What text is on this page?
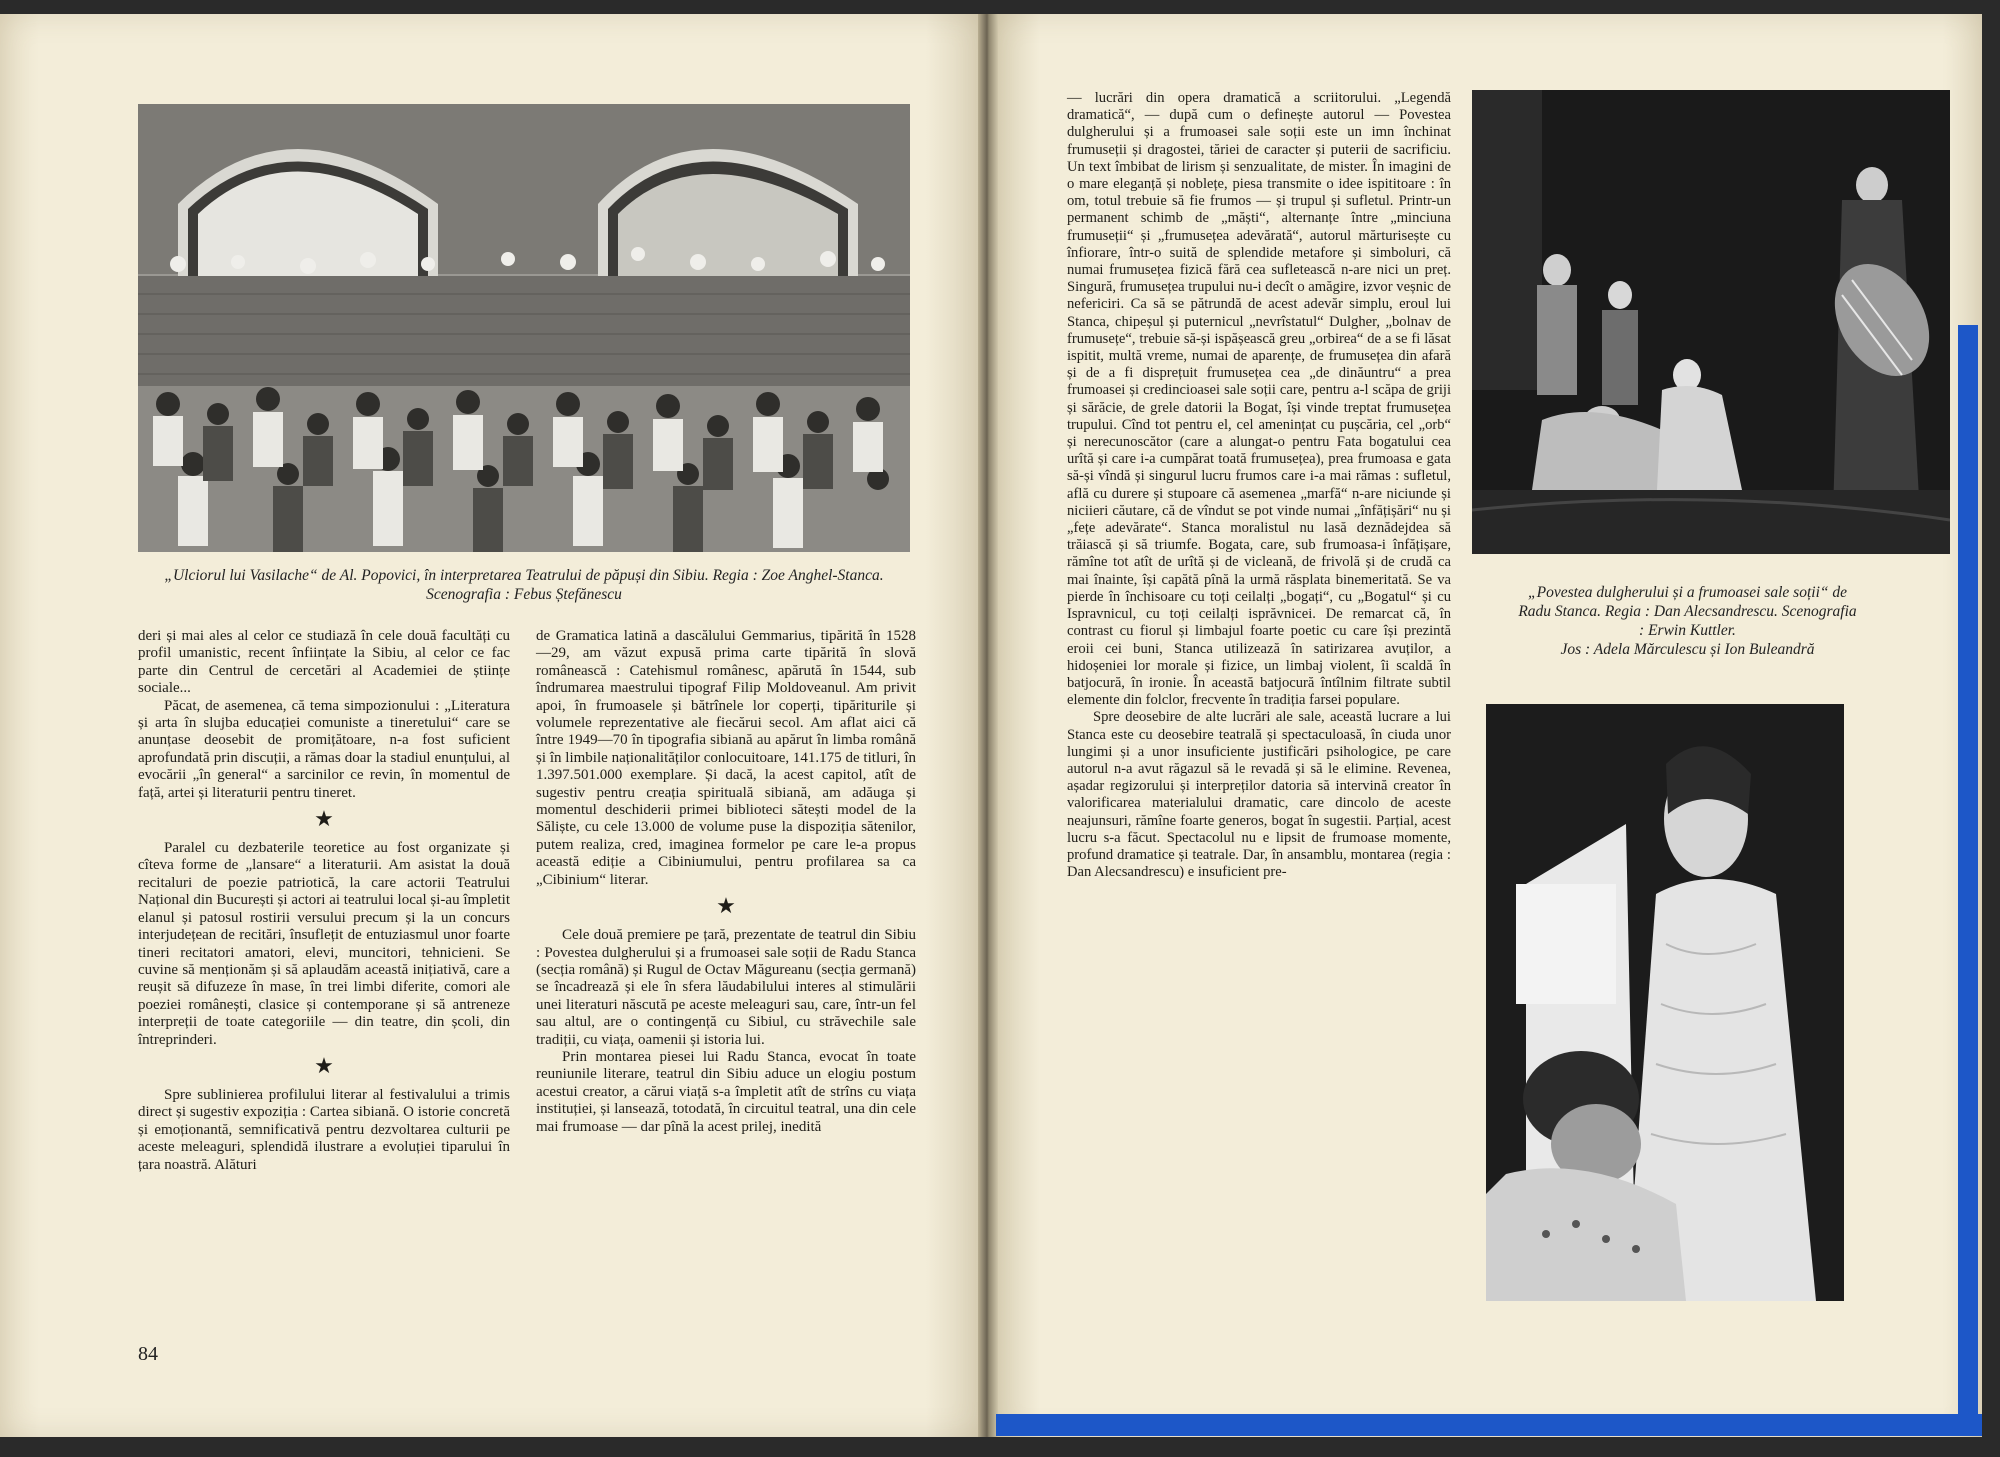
„Ulciorul lui Vasilache“ de Al. Popovici, în interpretarea Teatrului de păpuși din Sibiu. Regia : Zoe Anghel-Stanca. Scenografia : Febus Ștefănescu

deri și mai ales al celor ce studiază în cele două facultăți cu profil umanistic, recent înființate la Sibiu, al celor ce fac parte din Centrul de cercetări al Academiei de științe sociale...

Păcat, de asemenea, că tema simpozionului : „Literatura și arta în slujba educației comuniste a tineretului“ care se anunțase deosebit de promițătoare, n-a fost suficient aprofundată prin discuții, a rămas doar la stadiul enunțului, al evocării „în general“ a sarcinilor ce revin, în momentul de față, artei și literaturii pentru tineret.

★

Paralel cu dezbaterile teoretice au fost organizate și cîteva forme de „lansare“ a literaturii. Am asistat la două recitaluri de poezie patriotică, la care actorii Teatrului Național din București și actori ai teatrului local și-au împletit elanul și patosul rostirii versului precum și la un concurs interjudețean de recitări, însuflețit de entuziasmul unor foarte tineri recitatori amatori, elevi, muncitori, tehnicieni. Se cuvine să menționăm și să aplaudăm această inițiativă, care a reușit să difuzeze în mase, în trei limbi diferite, comori ale poeziei românești, clasice și contemporane și să antreneze interpreții de toate categoriile — din teatre, din școli, din întreprinderi.

★

Spre sublinierea profilului literar al festivalului a trimis direct și sugestiv expoziția : Cartea sibiană. O istorie concretă și emoționantă, semnificativă pentru dezvoltarea culturii pe aceste meleaguri, splendidă ilustrare a evoluției tiparului în țara noastră. Alături

de Gramatica latină a dascălului Gemmarius, tipărită în 1528—29, am văzut expusă prima carte tipărită în slovă românească : Catehismul românesc, apărută în 1544, sub îndrumarea maestrului tipograf Filip Moldoveanul. Am privit apoi, în frumoasele și bătrînele lor coperți, tipăriturile și volumele reprezentative ale fiecărui secol. Am aflat aici că între 1949—70 în tipografia sibiană au apărut în limba română și în limbile naționalităților conlocuitoare, 141.175 de titluri, în 1.397.501.000 exemplare. Și dacă, la acest capitol, atît de sugestiv pentru creația spirituală sibiană, am adăuga și momentul deschiderii primei biblioteci sătești model de la Săliște, cu cele 13.000 de volume puse la dispoziția sătenilor, putem realiza, cred, imaginea formelor pe care le-a propus această ediție a Cibiniumului, pentru profilarea sa ca „Cibinium“ literar.

★

Cele două premiere pe țară, prezentate de teatrul din Sibiu : Povestea dulgherului și a frumoasei sale soții de Radu Stanca (secția română) și Rugul de Octav Măgureanu (secția germană) se încadrează și ele în sfera lăudabilului interes al stimulării unei literaturi născută pe aceste meleaguri sau, care, într-un fel sau altul, are o contingență cu Sibiul, cu străvechile sale tradiții, cu viața, oamenii și istoria lui.

Prin montarea piesei lui Radu Stanca, evocat în toate reuniunile literare, teatrul din Sibiu aduce un elogiu postum acestui creator, a cărui viață s-a împletit atît de strîns cu viața instituției, și lansează, totodată, în circuitul teatral, una din cele mai frumoase — dar pînă la acest prilej, inedită

84

— lucrări din opera dramatică a scriitorului. „Legendă dramatică“, — după cum o definește autorul — Povestea dulgherului și a frumoasei sale soții este un imn închinat frumuseții și dragostei, tăriei de caracter și puterii de sacrificiu. Un text îmbibat de lirism și senzualitate, de mister. În imagini de o mare eleganță și noblețe, piesa transmite o idee ispititoare : în om, totul trebuie să fie frumos — și trupul și sufletul. Printr-un permanent schimb de „măști“, alternanțe între „minciuna frumuseții“ și „frumusețea adevărată“, autorul mărturisește cu înfiorare, într-o suită de splendide metafore și simboluri, că numai frumusețea fizică fără cea sufletească n-are nici un preț. Singură, frumusețea trupului nu-i decît o amăgire, izvor veșnic de nefericiri. Ca să se pătrundă de acest adevăr simplu, eroul lui Stanca, chipeșul și puternicul „nevrîstatul“ Dulgher, „bolnav de frumusețe“, trebuie să-și ispășească greu „orbirea“ de a se fi lăsat ispitit, multă vreme, numai de aparențe, de frumusețea din afară și de a fi disprețuit frumusețea cea „de dinăuntru“ a prea frumoasei și credincioasei sale soții care, pentru a-l scăpa de griji și sărăcie, de grele datorii la Bogat, își vinde treptat frumusețea trupului. Cînd tot pentru el, cel amenințat cu pușcăria, cel „orb“ și nerecunoscător (care a alungat-o pentru Fata bogatului cea urîtă și care i-a cumpărat toată frumusețea), prea frumoasa e gata să-și vîndă și singurul lucru frumos care i-a mai rămas : sufletul, află cu durere și stupoare că asemenea „marfă“ n-are niciunde și niciieri căutare, că de vîndut se pot vinde numai „înfățișări“ nu și „fețe adevărate“. Stanca moralistul nu lasă deznădejdea să trăiască și să triumfe. Bogata, care, sub frumoasa-i înfățișare, rămîne tot atît de urîtă și de vicleană, de frivolă și de crudă ca mai înainte, își capătă pînă la urmă răsplata binemeritată. Se va pierde în închisoare cu toți ceilalți „bogați“, cu „Bogatul“ și cu Ispravnicul, cu toți ceilalți isprăvnicei. De remarcat că, în contrast cu fiorul și limbajul foarte poetic cu care își prezintă eroii cei buni, Stanca utilizează în satirizarea avuților, a hidoșeniei lor morale și fizice, un limbaj violent, îi scaldă în batjocură, în ironie. În această batjocură întîlnim filtrate subtil elemente din folclor, frecvente în tradiția farsei populare.

Spre deosebire de alte lucrări ale sale, această lucrare a lui Stanca este cu deosebire teatrală și spectaculoasă, în ciuda unor lungimi și a unor insuficiente justificări psihologice, pe care autorul n-a avut răgazul să le revadă și să le elimine. Revenea, așadar regizorului și interpreților datoria să intervină creator în valorificarea materialului dramatic, care dincolo de aceste neajunsuri, rămîne foarte generos, bogat în sugestii. Parțial, acest lucru s-a făcut. Spectacolul nu e lipsit de frumoase momente, profund dramatice și teatrale. Dar, în ansamblu, montarea (regia : Dan Alecsandrescu) e insuficient pre-

„Povestea dulgherului și a frumoasei sale soții“ de Radu Stanca. Regia : Dan Alecsandrescu. Scenografia : Erwin Kuttler.
Jos : Adela Mărculescu și Ion Buleandră
